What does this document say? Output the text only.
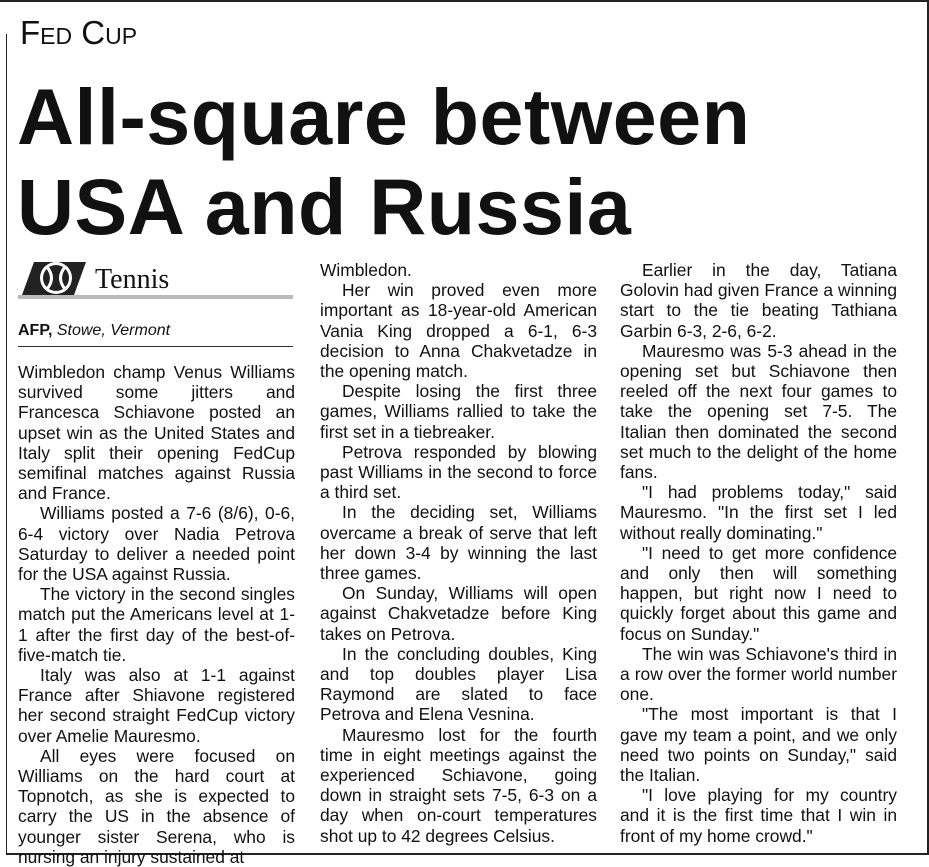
Fed Cup
All-square between USA and Russia
Tennis
AFP, Stowe, Vermont

Wimbledon champ Venus Williams survived some jitters and Francesca Schiavone posted an upset win as the United States and Italy split their opening FedCup semifinal matches against Russia and France.

Williams posted a 7-6 (8/6), 0-6, 6-4 victory over Nadia Petrova Saturday to deliver a needed point for the USA against Russia.

The victory in the second singles match put the Americans level at 1-1 after the first day of the best-of-five-match tie.

Italy was also at 1-1 against France after Shiavone registered her second straight FedCup victory over Amelie Mauresmo.

All eyes were focused on Williams on the hard court at Topnotch, as she is expected to carry the US in the absence of younger sister Serena, who is nursing an injury sustained at

Wimbledon.

Her win proved even more important as 18-year-old American Vania King dropped a 6-1, 6-3 decision to Anna Chakvetadze in the opening match.

Despite losing the first three games, Williams rallied to take the first set in a tiebreaker.

Petrova responded by blowing past Williams in the second to force a third set.

In the deciding set, Williams overcame a break of serve that left her down 3-4 by winning the last three games.

On Sunday, Williams will open against Chakvetadze before King takes on Petrova.

In the concluding doubles, King and top doubles player Lisa Raymond are slated to face Petrova and Elena Vesnina.

Mauresmo lost for the fourth time in eight meetings against the experienced Schiavone, going down in straight sets 7-5, 6-3 on a day when on-court temperatures shot up to 42 degrees Celsius.

Earlier in the day, Tatiana Golovin had given France a winning start to the tie beating Tathiana Garbin 6-3, 2-6, 6-2.

Mauresmo was 5-3 ahead in the opening set but Schiavone then reeled off the next four games to take the opening set 7-5. The Italian then dominated the second set much to the delight of the home fans.

"I had problems today," said Mauresmo. "In the first set I led without really dominating."

"I need to get more confidence and only then will something happen, but right now I need to quickly forget about this game and focus on Sunday."

The win was Schiavone's third in a row over the former world number one.

"The most important is that I gave my team a point, and we only need two points on Sunday," said the Italian.

"I love playing for my country and it is the first time that I win in front of my home crowd."
